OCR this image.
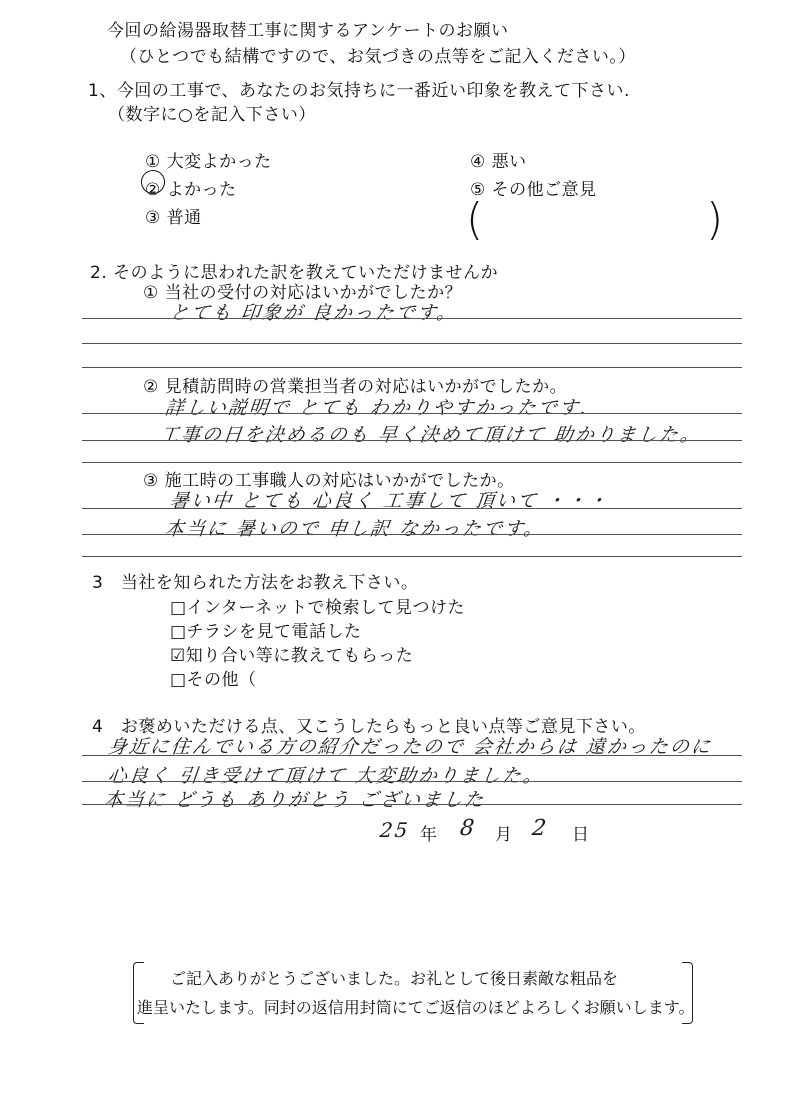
今回の給湯器取替工事に関するアンケートのお願い
（ひとつでも結構ですので、お気づきの点等をご記入ください。）
1、今回の工事で、あなたのお気持ちに一番近い印象を教えて下さい.
（数字に○を記入下さい）
① 大変よかった
② よかった
③ 普通
④ 悪い
⑤ その他ご意見
(	)
2. そのように思われた訳を教えていただけませんか
① 当社の受付の対応はいかがでしたか？
とても 印象が 良かったです。
② 見積訪問時の営業担当者の対応はいかがでしたか。
詳しい説明で とても わかりやすかったです.
工事の日を決めるのも 早く決めて頂けて 助かりました。
③ 施工時の工事職人の対応はいかがでしたか。
暑い中 とても 心良く 工事して 頂いて ・・・
本当に 暑いので 申し訳 なかったです。
3　当社を知られた方法をお教え下さい。
□インターネットで検索して見つけた
□チラシを見て電話した
☑知り合い等に教えてもらった
□その他（
4　お褒めいただける点、又こうしたらもっと良い点等ご意見下さい。
身近に住んでいる方の紹介だったので 会社からは 遠かったのに
心良く 引き受けて頂けて 大変助かりました。
本当に どうも ありがとう ございました
25 年 8 月 2 日
ご記入ありがとうございました。お礼として後日素敵な粗品を
進呈いたします。同封の返信用封筒にてご返信のほどよろしくお願いします。
